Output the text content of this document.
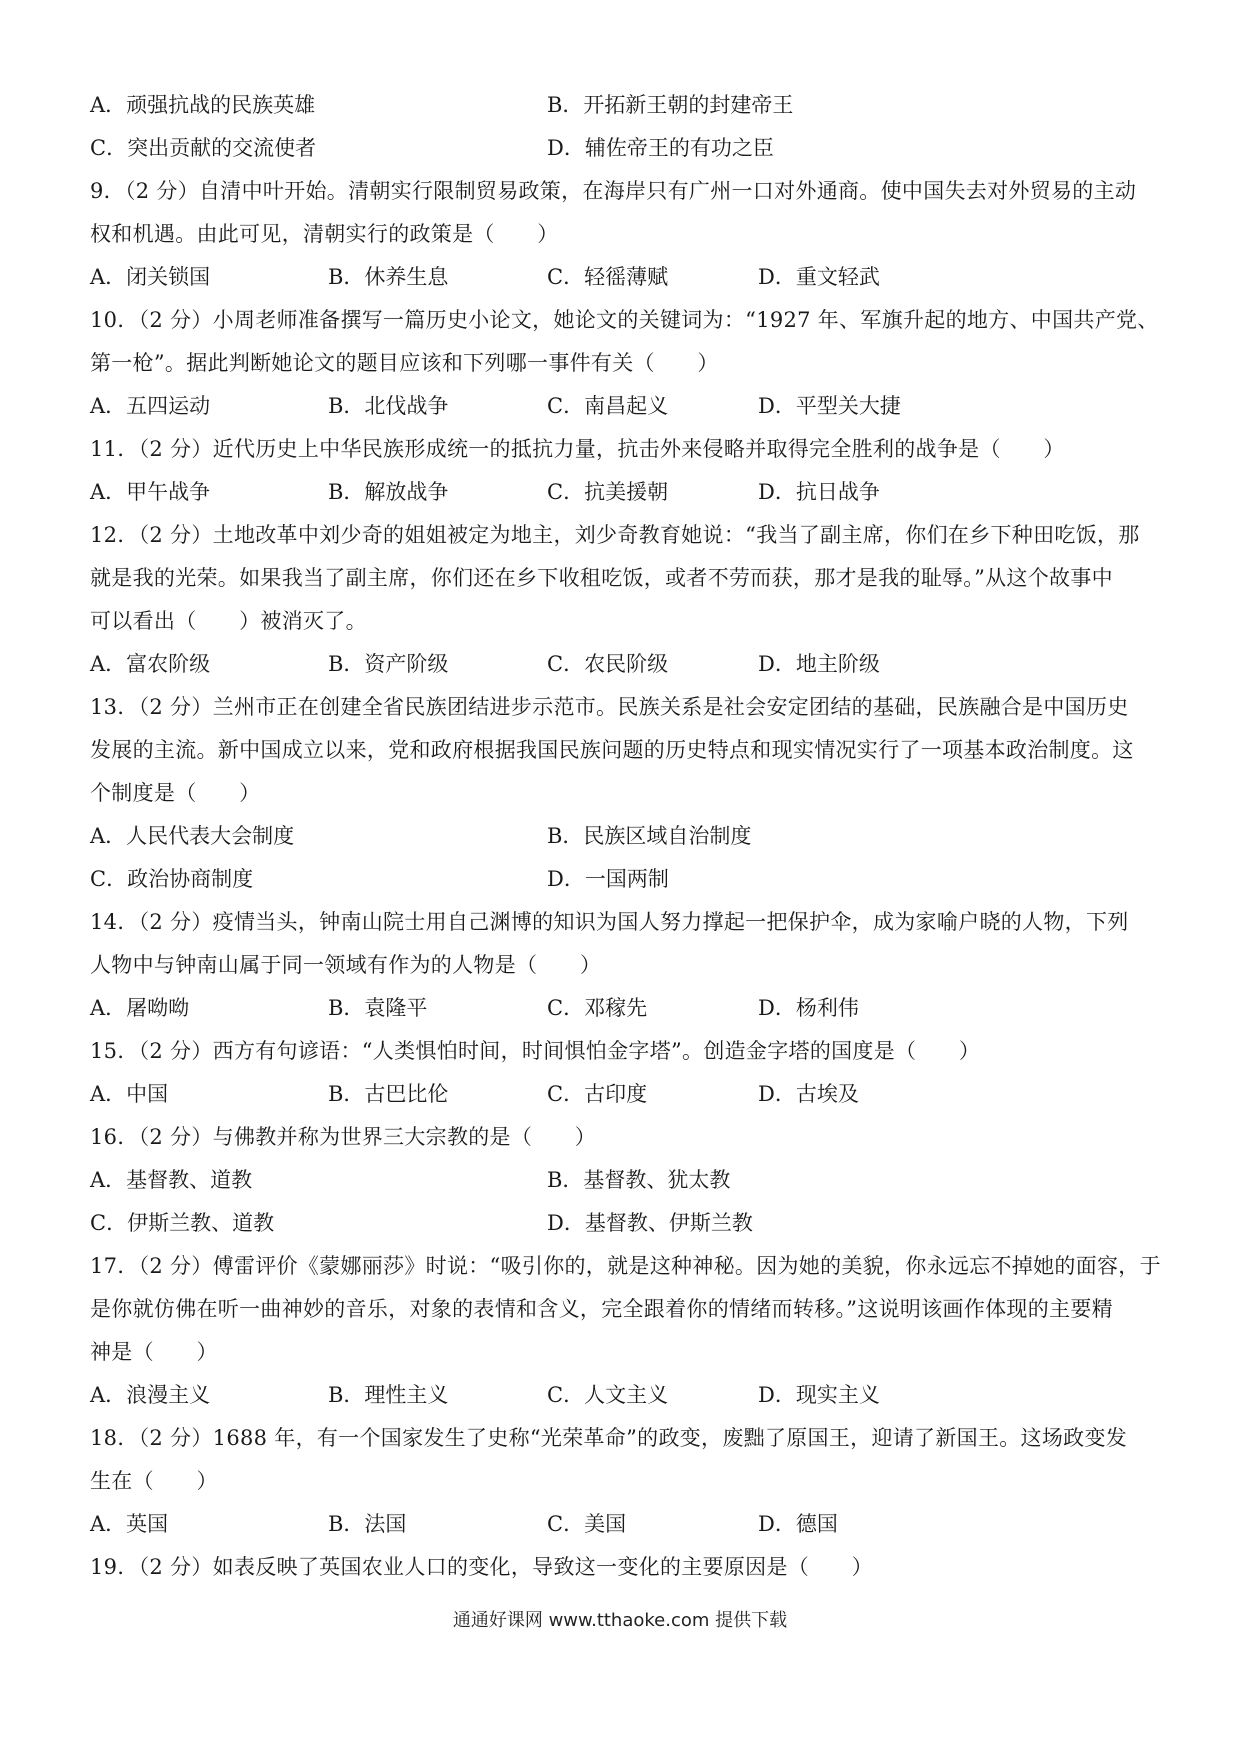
A．顽强抗战的民族英雄	B．开拓新王朝的封建帝王
C．突出贡献的交流使者	D．辅佐帝王的有功之臣
9．（2 分）自清中叶开始。清朝实行限制贸易政策，在海岸只有广州一口对外通商。使中国失去对外贸易的主动
权和机遇。由此可见，清朝实行的政策是（　　）
A．闭关锁国	B．休养生息	C．轻徭薄赋	D．重文轻武
10．（2 分）小周老师准备撰写一篇历史小论文，她论文的关键词为：“1927 年、军旗升起的地方、中国共产党、
第一枪”。据此判断她论文的题目应该和下列哪一事件有关（　　）
A．五四运动	B．北伐战争	C．南昌起义	D．平型关大捷
11．（2 分）近代历史上中华民族形成统一的抵抗力量，抗击外来侵略并取得完全胜利的战争是（　　）
A．甲午战争	B．解放战争	C．抗美援朝	D．抗日战争
12．（2 分）土地改革中刘少奇的姐姐被定为地主，刘少奇教育她说：“我当了副主席，你们在乡下种田吃饭，那
就是我的光荣。如果我当了副主席，你们还在乡下收租吃饭，或者不劳而获，那才是我的耻辱。”从这个故事中
可以看出（　　）被消灭了。
A．富农阶级	B．资产阶级	C．农民阶级	D．地主阶级
13．（2 分）兰州市正在创建全省民族团结进步示范市。民族关系是社会安定团结的基础，民族融合是中国历史
发展的主流。新中国成立以来，党和政府根据我国民族问题的历史特点和现实情况实行了一项基本政治制度。这
个制度是（　　）
A．人民代表大会制度	B．民族区域自治制度
C．政治协商制度	D．一国两制
14．（2 分）疫情当头，钟南山院士用自己渊博的知识为国人努力撑起一把保护伞，成为家喻户晓的人物，下列
人物中与钟南山属于同一领域有作为的人物是（　　）
A．屠呦呦	B．袁隆平	C．邓稼先	D．杨利伟
15．（2 分）西方有句谚语：“人类惧怕时间，时间惧怕金字塔”。创造金字塔的国度是（　　）
A．中国	B．古巴比伦	C．古印度	D．古埃及
16．（2 分）与佛教并称为世界三大宗教的是（　　）
A．基督教、道教	B．基督教、犹太教
C．伊斯兰教、道教	D．基督教、伊斯兰教
17．（2 分）傅雷评价《蒙娜丽莎》时说：“吸引你的，就是这种神秘。因为她的美貌，你永远忘不掉她的面容，于
是你就仿佛在听一曲神妙的音乐，对象的表情和含义，完全跟着你的情绪而转移。”这说明该画作体现的主要精
神是（　　）
A．浪漫主义	B．理性主义	C．人文主义	D．现实主义
18．（2 分）1688 年，有一个国家发生了史称“光荣革命”的政变，废黜了原国王，迎请了新国王。这场政变发
生在（　　）
A．英国	B．法国	C．美国	D．德国
19．（2 分）如表反映了英国农业人口的变化，导致这一变化的主要原因是（　　）
通通好课网 www.tthaoke.com 提供下载
